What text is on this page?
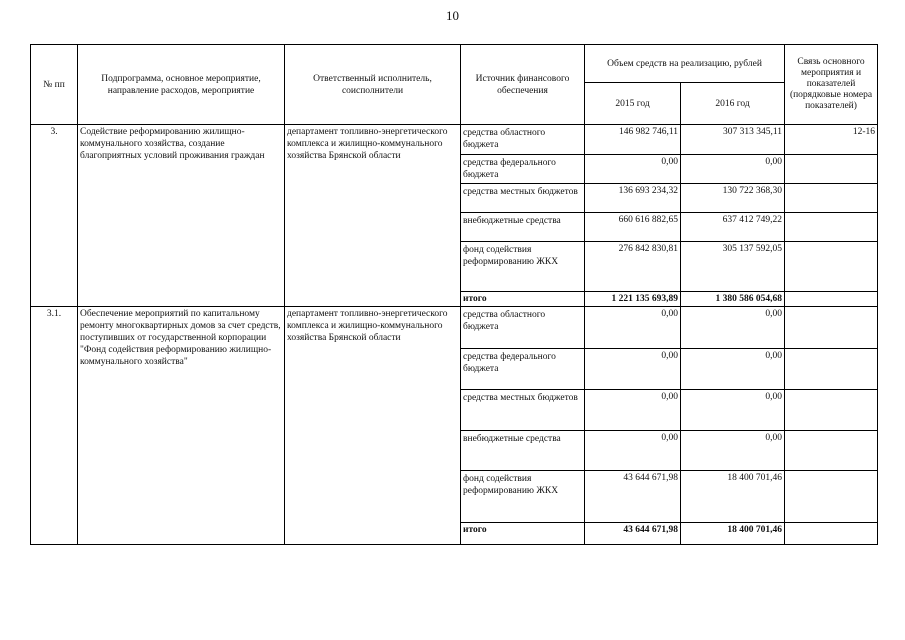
10
№ пп	Подпрограмма, основное мероприятие, направление расходов, мероприятие	Ответственный исполнитель, соисполнители	Источник финансового обеспечения	Объем средств на реализацию, рублей		Связь основного мероприятия и показателей (порядковые номера показателей)
				2015 год	2016 год	
3.	Содействие реформированию жилищно-коммунального хозяйства, создание благоприятных условий проживания граждан	департамент топливно-энергетического комплекса и жилищно-коммунального хозяйства Брянской области	средства областного бюджета	146 982 746,11	307 313 345,11	12-16
			средства федерального бюджета	0,00	0,00	
			средства местных бюджетов	136 693 234,32	130 722 368,30	
			внебюджетные средства	660 616 882,65	637 412 749,22	
			фонд содействия реформированию ЖКХ	276 842 830,81	305 137 592,05	
			итого	1 221 135 693,89	1 380 586 054,68	
3.1.	Обеспечение мероприятий по капитальному ремонту многоквартирных домов за счет средств, поступивших от государственной корпорации "Фонд содействия реформированию жилищно-коммунального хозяйства"	департамент топливно-энергетического комплекса и жилищно-коммунального хозяйства Брянской области	средства областного бюджета	0,00	0,00	
			средства федерального бюджета	0,00	0,00	
			средства местных бюджетов	0,00	0,00	
			внебюджетные средства	0,00	0,00	
			фонд содействия реформированию ЖКХ	43 644 671,98	18 400 701,46	
			итого	43 644 671,98	18 400 701,46	
